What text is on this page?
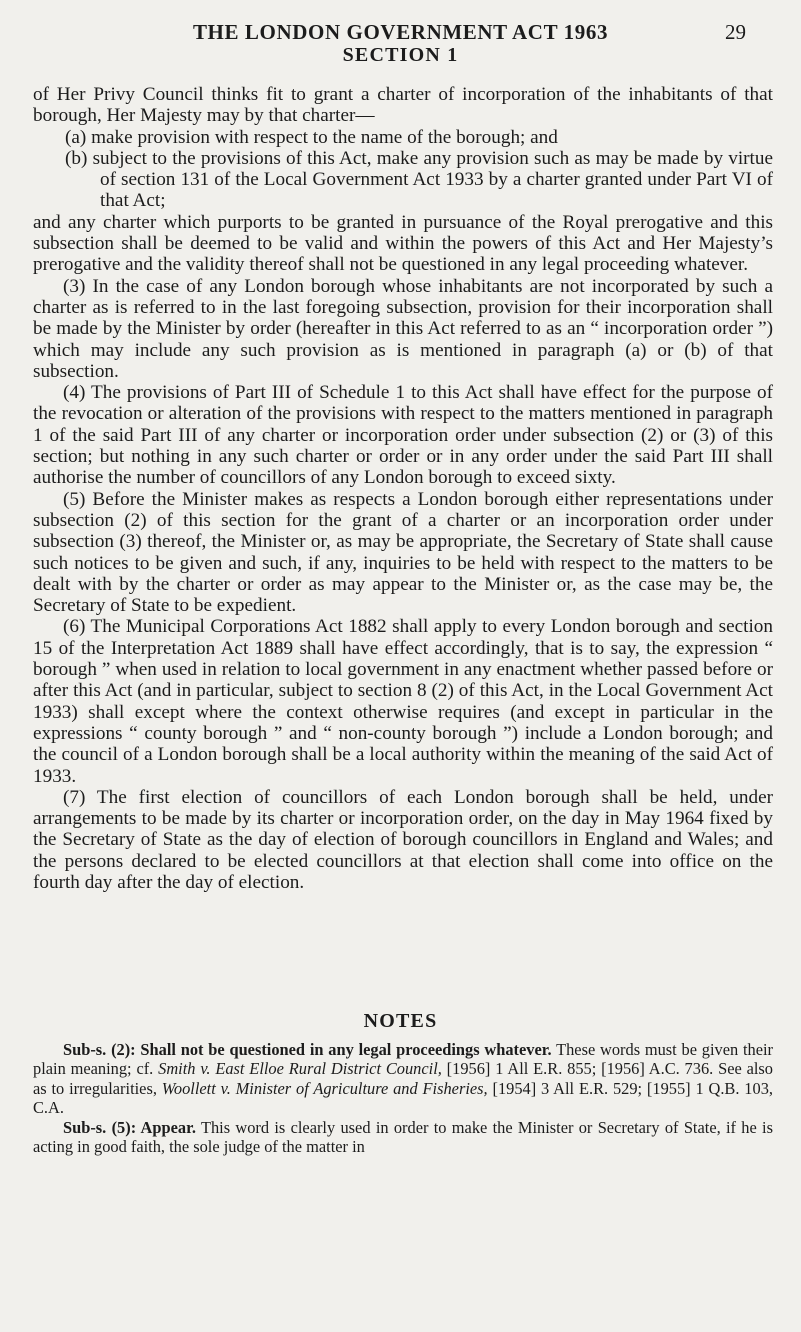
THE LONDON GOVERNMENT ACT 1963	29
SECTION 1

of Her Privy Council thinks fit to grant a charter of incorporation of the inhabitants of that borough, Her Majesty may by that charter—

(a) make provision with respect to the name of the borough; and

(b) subject to the provisions of this Act, make any provision such as may be made by virtue of section 131 of the Local Government Act 1933 by a charter granted under Part VI of that Act;

and any charter which purports to be granted in pursuance of the Royal prerogative and this subsection shall be deemed to be valid and within the powers of this Act and Her Majesty’s prerogative and the validity thereof shall not be questioned in any legal proceeding whatever.

(3) In the case of any London borough whose inhabitants are not incorporated by such a charter as is referred to in the last foregoing subsection, provision for their incorporation shall be made by the Minister by order (hereafter in this Act referred to as an “ incorporation order ”) which may include any such provision as is mentioned in paragraph (a) or (b) of that subsection.

(4) The provisions of Part III of Schedule 1 to this Act shall have effect for the purpose of the revocation or alteration of the provisions with respect to the matters mentioned in paragraph 1 of the said Part III of any charter or incorporation order under subsection (2) or (3) of this section; but nothing in any such charter or order or in any order under the said Part III shall authorise the number of councillors of any London borough to exceed sixty.

(5) Before the Minister makes as respects a London borough either representations under subsection (2) of this section for the grant of a charter or an incorporation order under subsection (3) thereof, the Minister or, as may be appropriate, the Secretary of State shall cause such notices to be given and such, if any, inquiries to be held with respect to the matters to be dealt with by the charter or order as may appear to the Minister or, as the case may be, the Secretary of State to be expedient.

(6) The Municipal Corporations Act 1882 shall apply to every London borough and section 15 of the Interpretation Act 1889 shall have effect accordingly, that is to say, the expression “ borough ” when used in relation to local government in any enactment whether passed before or after this Act (and in particular, subject to section 8 (2) of this Act, in the Local Government Act 1933) shall except where the context otherwise requires (and except in particular in the expressions “ county borough ” and “ non-county borough ”) include a London borough; and the council of a London borough shall be a local authority within the meaning of the said Act of 1933.

(7) The first election of councillors of each London borough shall be held, under arrangements to be made by its charter or incorporation order, on the day in May 1964 fixed by the Secretary of State as the day of election of borough councillors in England and Wales; and the persons declared to be elected councillors at that election shall come into office on the fourth day after the day of election.

NOTES

Sub-s. (2): Shall not be questioned in any legal proceedings whatever. These words must be given their plain meaning; cf. Smith v. East Elloe Rural District Council, [1956] 1 All E.R. 855; [1956] A.C. 736. See also as to irregularities, Woollett v. Minister of Agriculture and Fisheries, [1954] 3 All E.R. 529; [1955] 1 Q.B. 103, C.A.

Sub-s. (5): Appear. This word is clearly used in order to make the Minister or Secretary of State, if he is acting in good faith, the sole judge of the matter in
